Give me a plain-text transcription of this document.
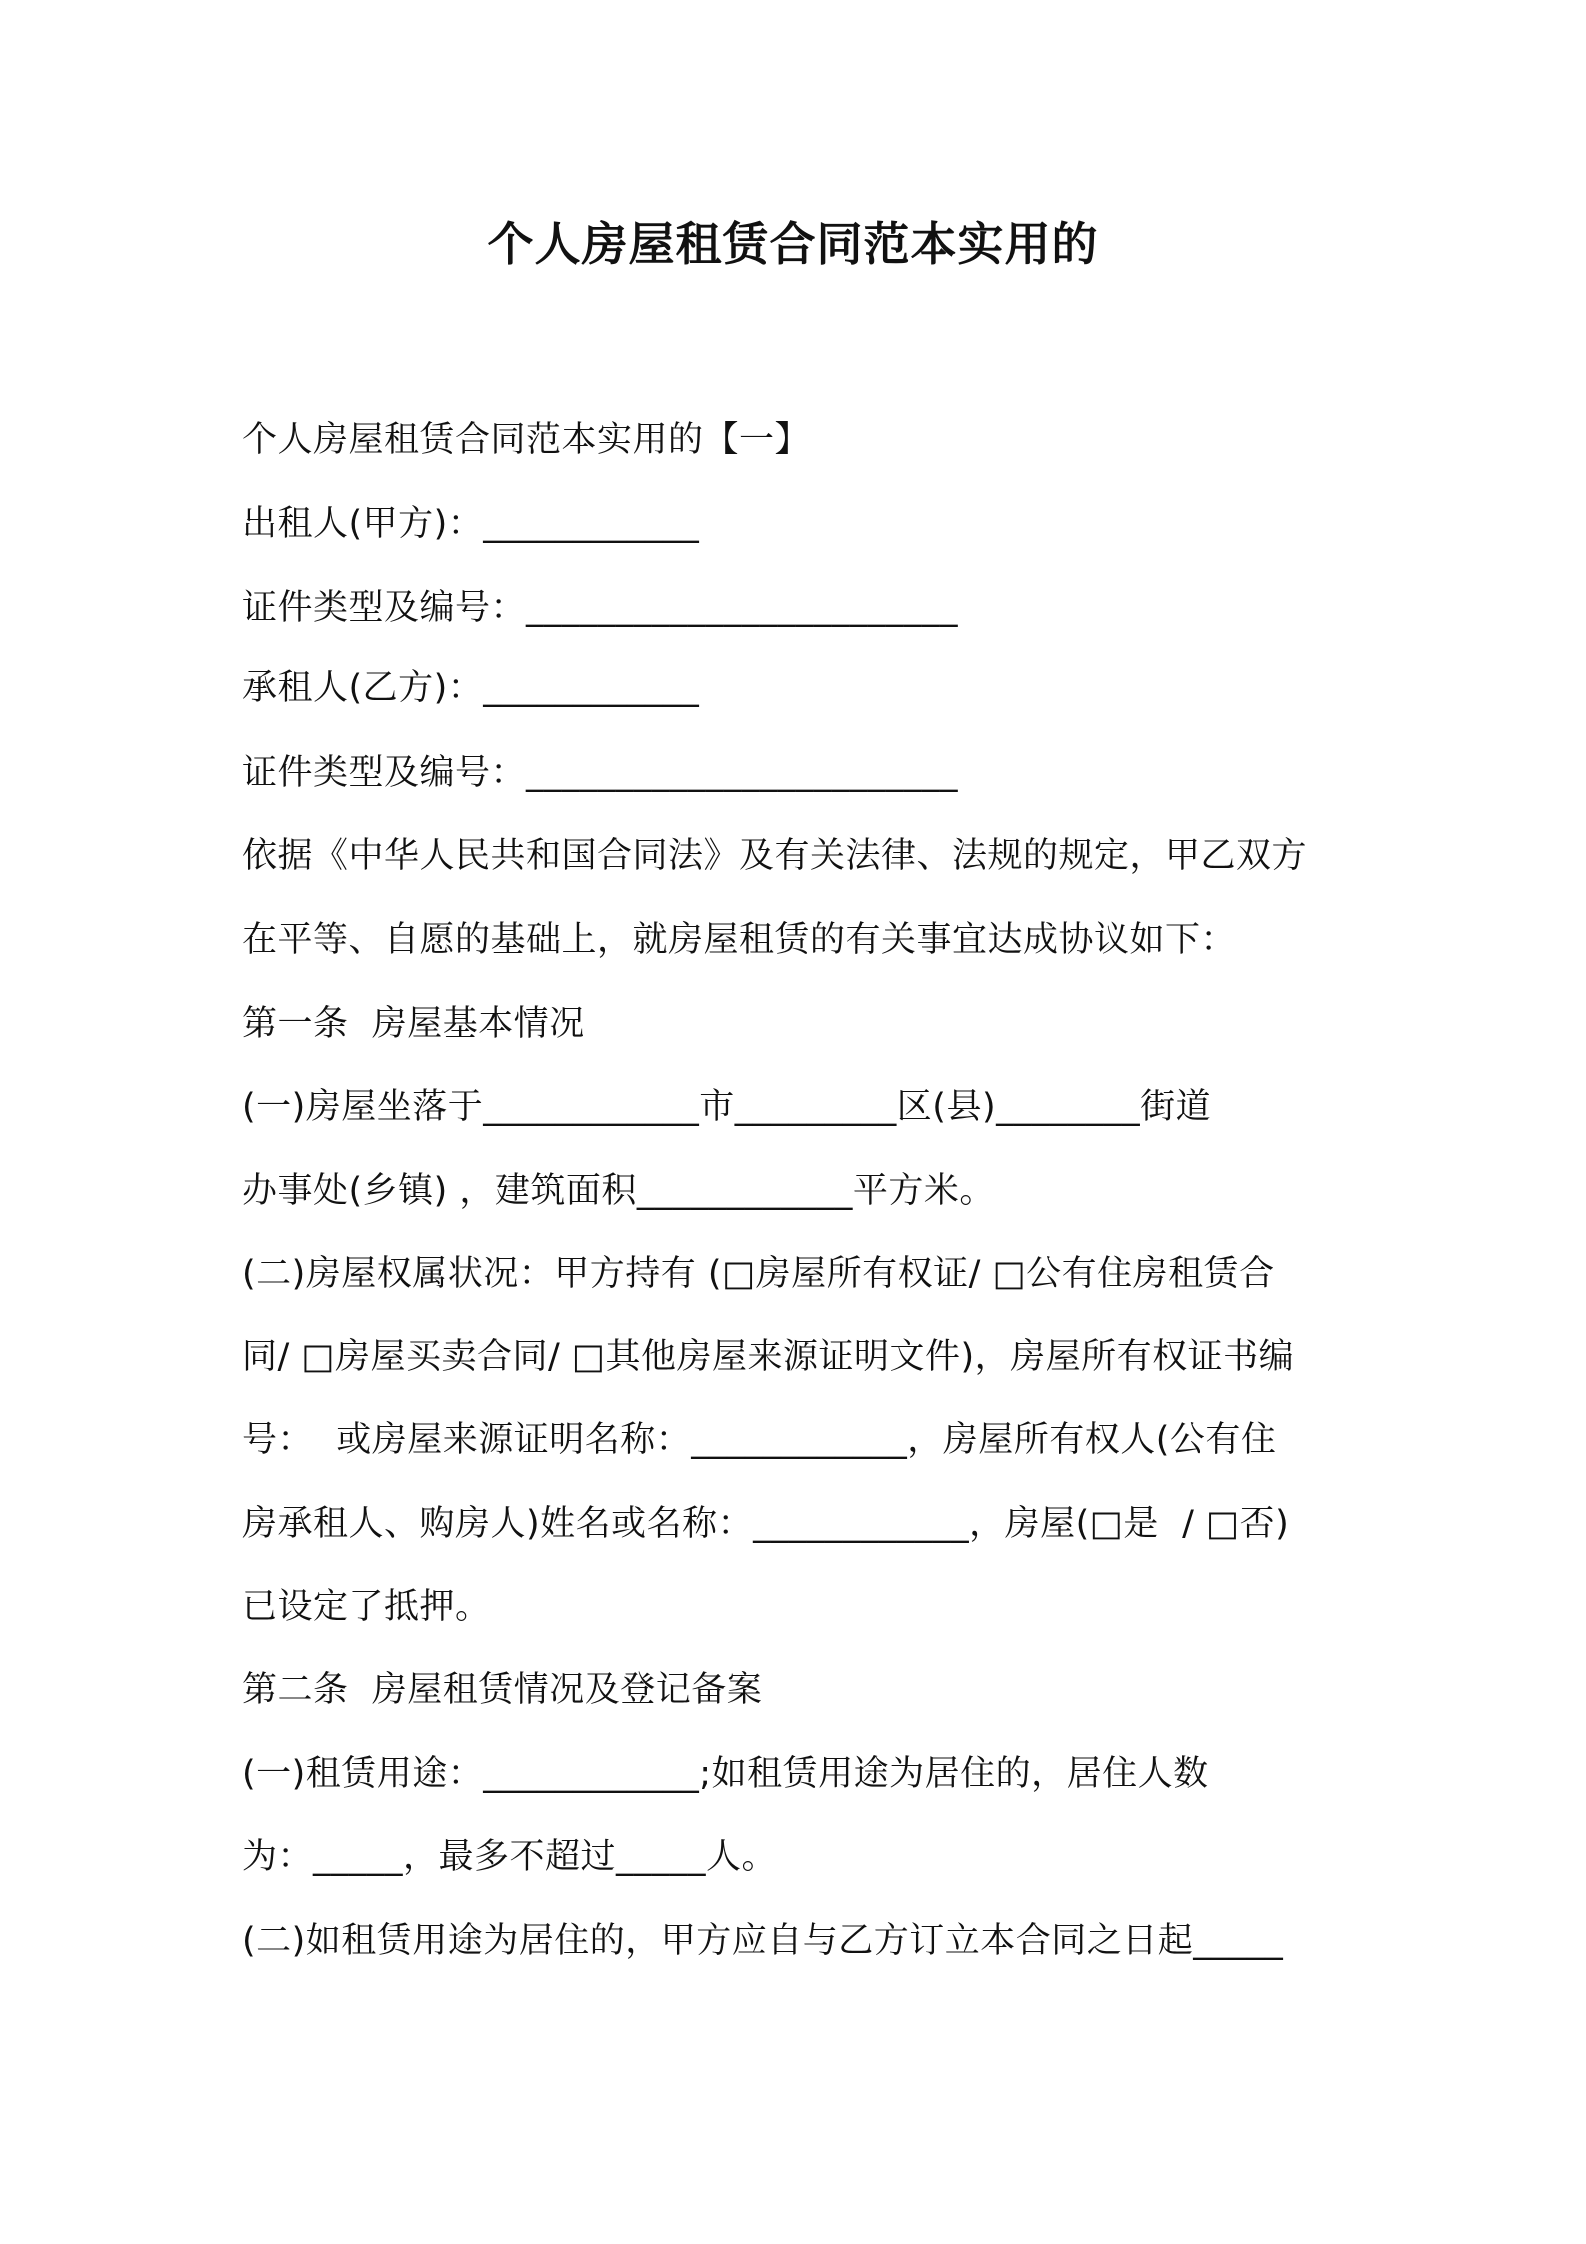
个人房屋租赁合同范本实用的
个人房屋租赁合同范本实用的【一】
出租人(甲方)：____________
证件类型及编号：________________________
承租人(乙方)：____________
证件类型及编号：________________________
依据《中华人民共和国合同法》及有关法律、法规的规定，甲乙双方
在平等、自愿的基础上，就房屋租赁的有关事宜达成协议如下：
第一条  房屋基本情况
(一)房屋坐落于____________市_________区(县)________街道
办事处(乡镇) ，建筑面积____________平方米。
(二)房屋权属状况：甲方持有 (□房屋所有权证/ □公有住房租赁合
同/ □房屋买卖合同/ □其他房屋来源证明文件)，房屋所有权证书编
号：  或房屋来源证明名称：____________，房屋所有权人(公有住
房承租人、购房人)姓名或名称：____________，房屋(□是  / □否)
已设定了抵押。
第二条  房屋租赁情况及登记备案
(一)租赁用途：____________;如租赁用途为居住的，居住人数
为：_____，最多不超过_____人。
(二)如租赁用途为居住的，甲方应自与乙方订立本合同之日起_____
